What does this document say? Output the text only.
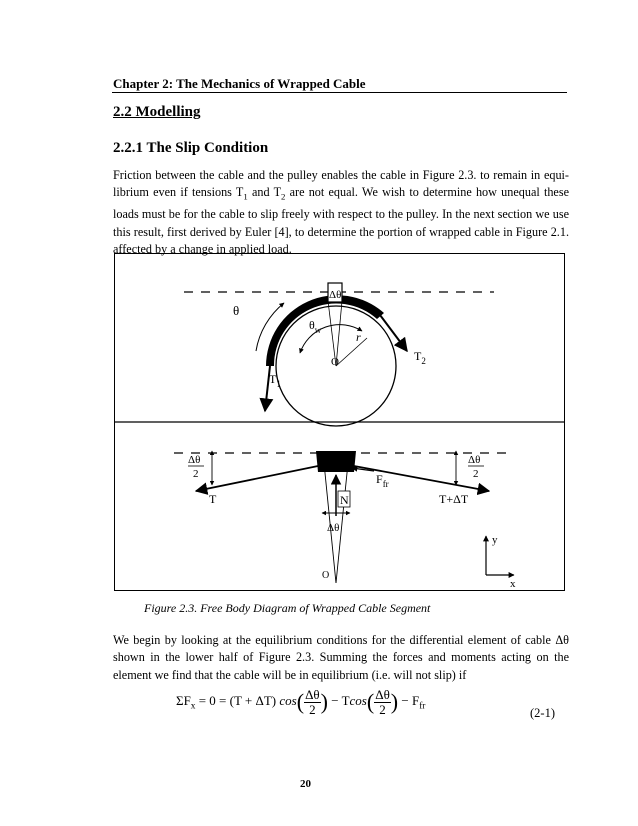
Chapter 2: The Mechanics of Wrapped Cable
2.2 Modelling
2.2.1 The Slip Condition
Friction between the cable and the pulley enables the cable in Figure 2.3. to remain in equi-librium even if tensions $T_1$ and $T_2$ are not equal. We wish to determine how unequal these loads must be for the cable to slip freely with respect to the pulley. In the next section we use this result, first derived by Euler [4], to determine the portion of wrapped cable in Figure 2.1. affected by a change in applied load.
θ
Δθ
$\theta_w$	r
O
$T_1$
$T_2$
Δθ
2
Δθ
2
T	T+ΔT
$F_{fr}$
N
Δθ
O
y
x
Figure 2.3. Free Body Diagram of Wrapped Cable Segment
We begin by looking at the equilibrium conditions for the differential element of cable Δθ shown in the lower half of Figure 2.3. Summing the forces and moments acting on the element we find that the cable will be in equilibrium (i.e. will not slip) if
$\Sigma F_x = 0 = (T + \Delta T)$ $\cos( \frac{\Delta\theta}{2}$ ) − $Tcos( \frac{\Delta\theta}{2}$ ) − $F_{fr}$	(2-1)
20
